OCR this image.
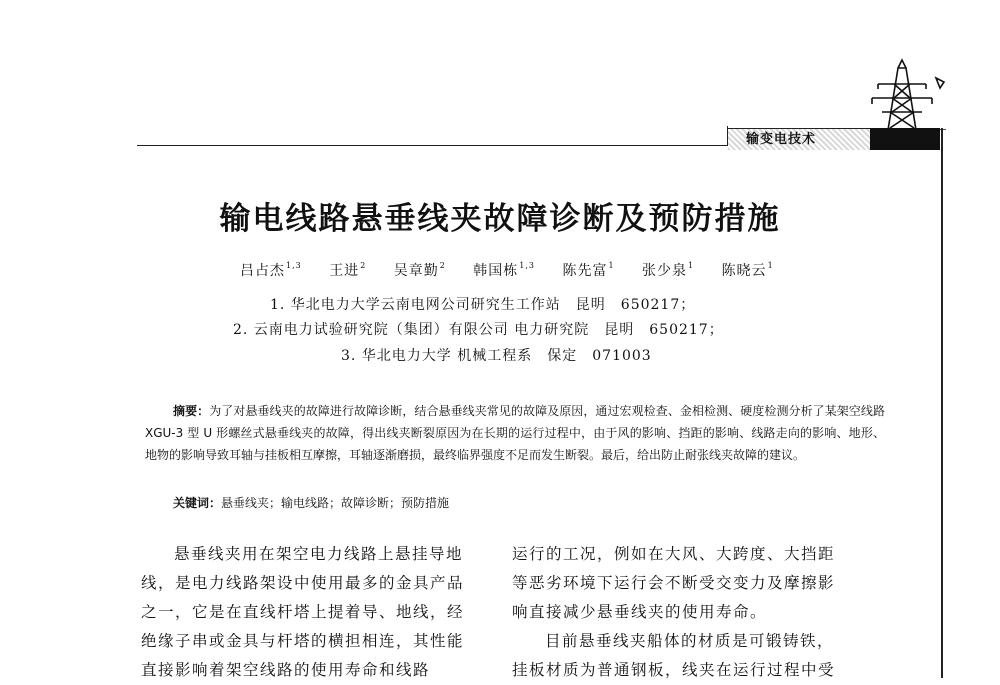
输变电技术
输电线路悬垂线夹故障诊断及预防措施
吕占杰$^{1,3}$ 王进$^2$ 吴章勤$^2$ 韩国栋$^{1,3}$ 陈先富$^1$ 张少泉$^1$ 陈晓云$^1$
1. 华北电力大学云南电网公司研究生工作站　昆明　650217；
2. 云南电力试验研究院（集团）有限公司 电力研究院　昆明　650217；
3. 华北电力大学 机械工程系　保定　071003

摘要：为了对悬垂线夹的故障进行故障诊断，结合悬垂线夹常见的故障及原因，通过宏观检查、金相检测、硬度检测分析了某架空线路 XGU-3 型 U 形螺丝式悬垂线夹的故障，得出线夹断裂原因为在长期的运行过程中，由于风的影响、挡距的影响、线路走向的影响、地形、地物的影响导致耳轴与挂板相互摩擦，耳轴逐渐磨损，最终临界强度不足而发生断裂。最后，给出防止耐张线夹故障的建议。

关键词：悬垂线夹；输电线路；故障诊断；预防措施
悬垂线夹用在架空电力线路上悬挂导地
线，是电力线路架设中使用最多的金具产品
之一，它是在直线杆塔上提着导、地线，经
绝缘子串或金具与杆塔的横担相连，其性能
直接影响着架空线路的使用寿命和线路
运行的工况，例如在大风、大跨度、大挡距
等恶劣环境下运行会不断受交变力及摩擦影
响直接减少悬垂线夹的使用寿命。
目前悬垂线夹船体的材质是可锻铸铁，
挂板材质为普通钢板，线夹在运行过程中受
